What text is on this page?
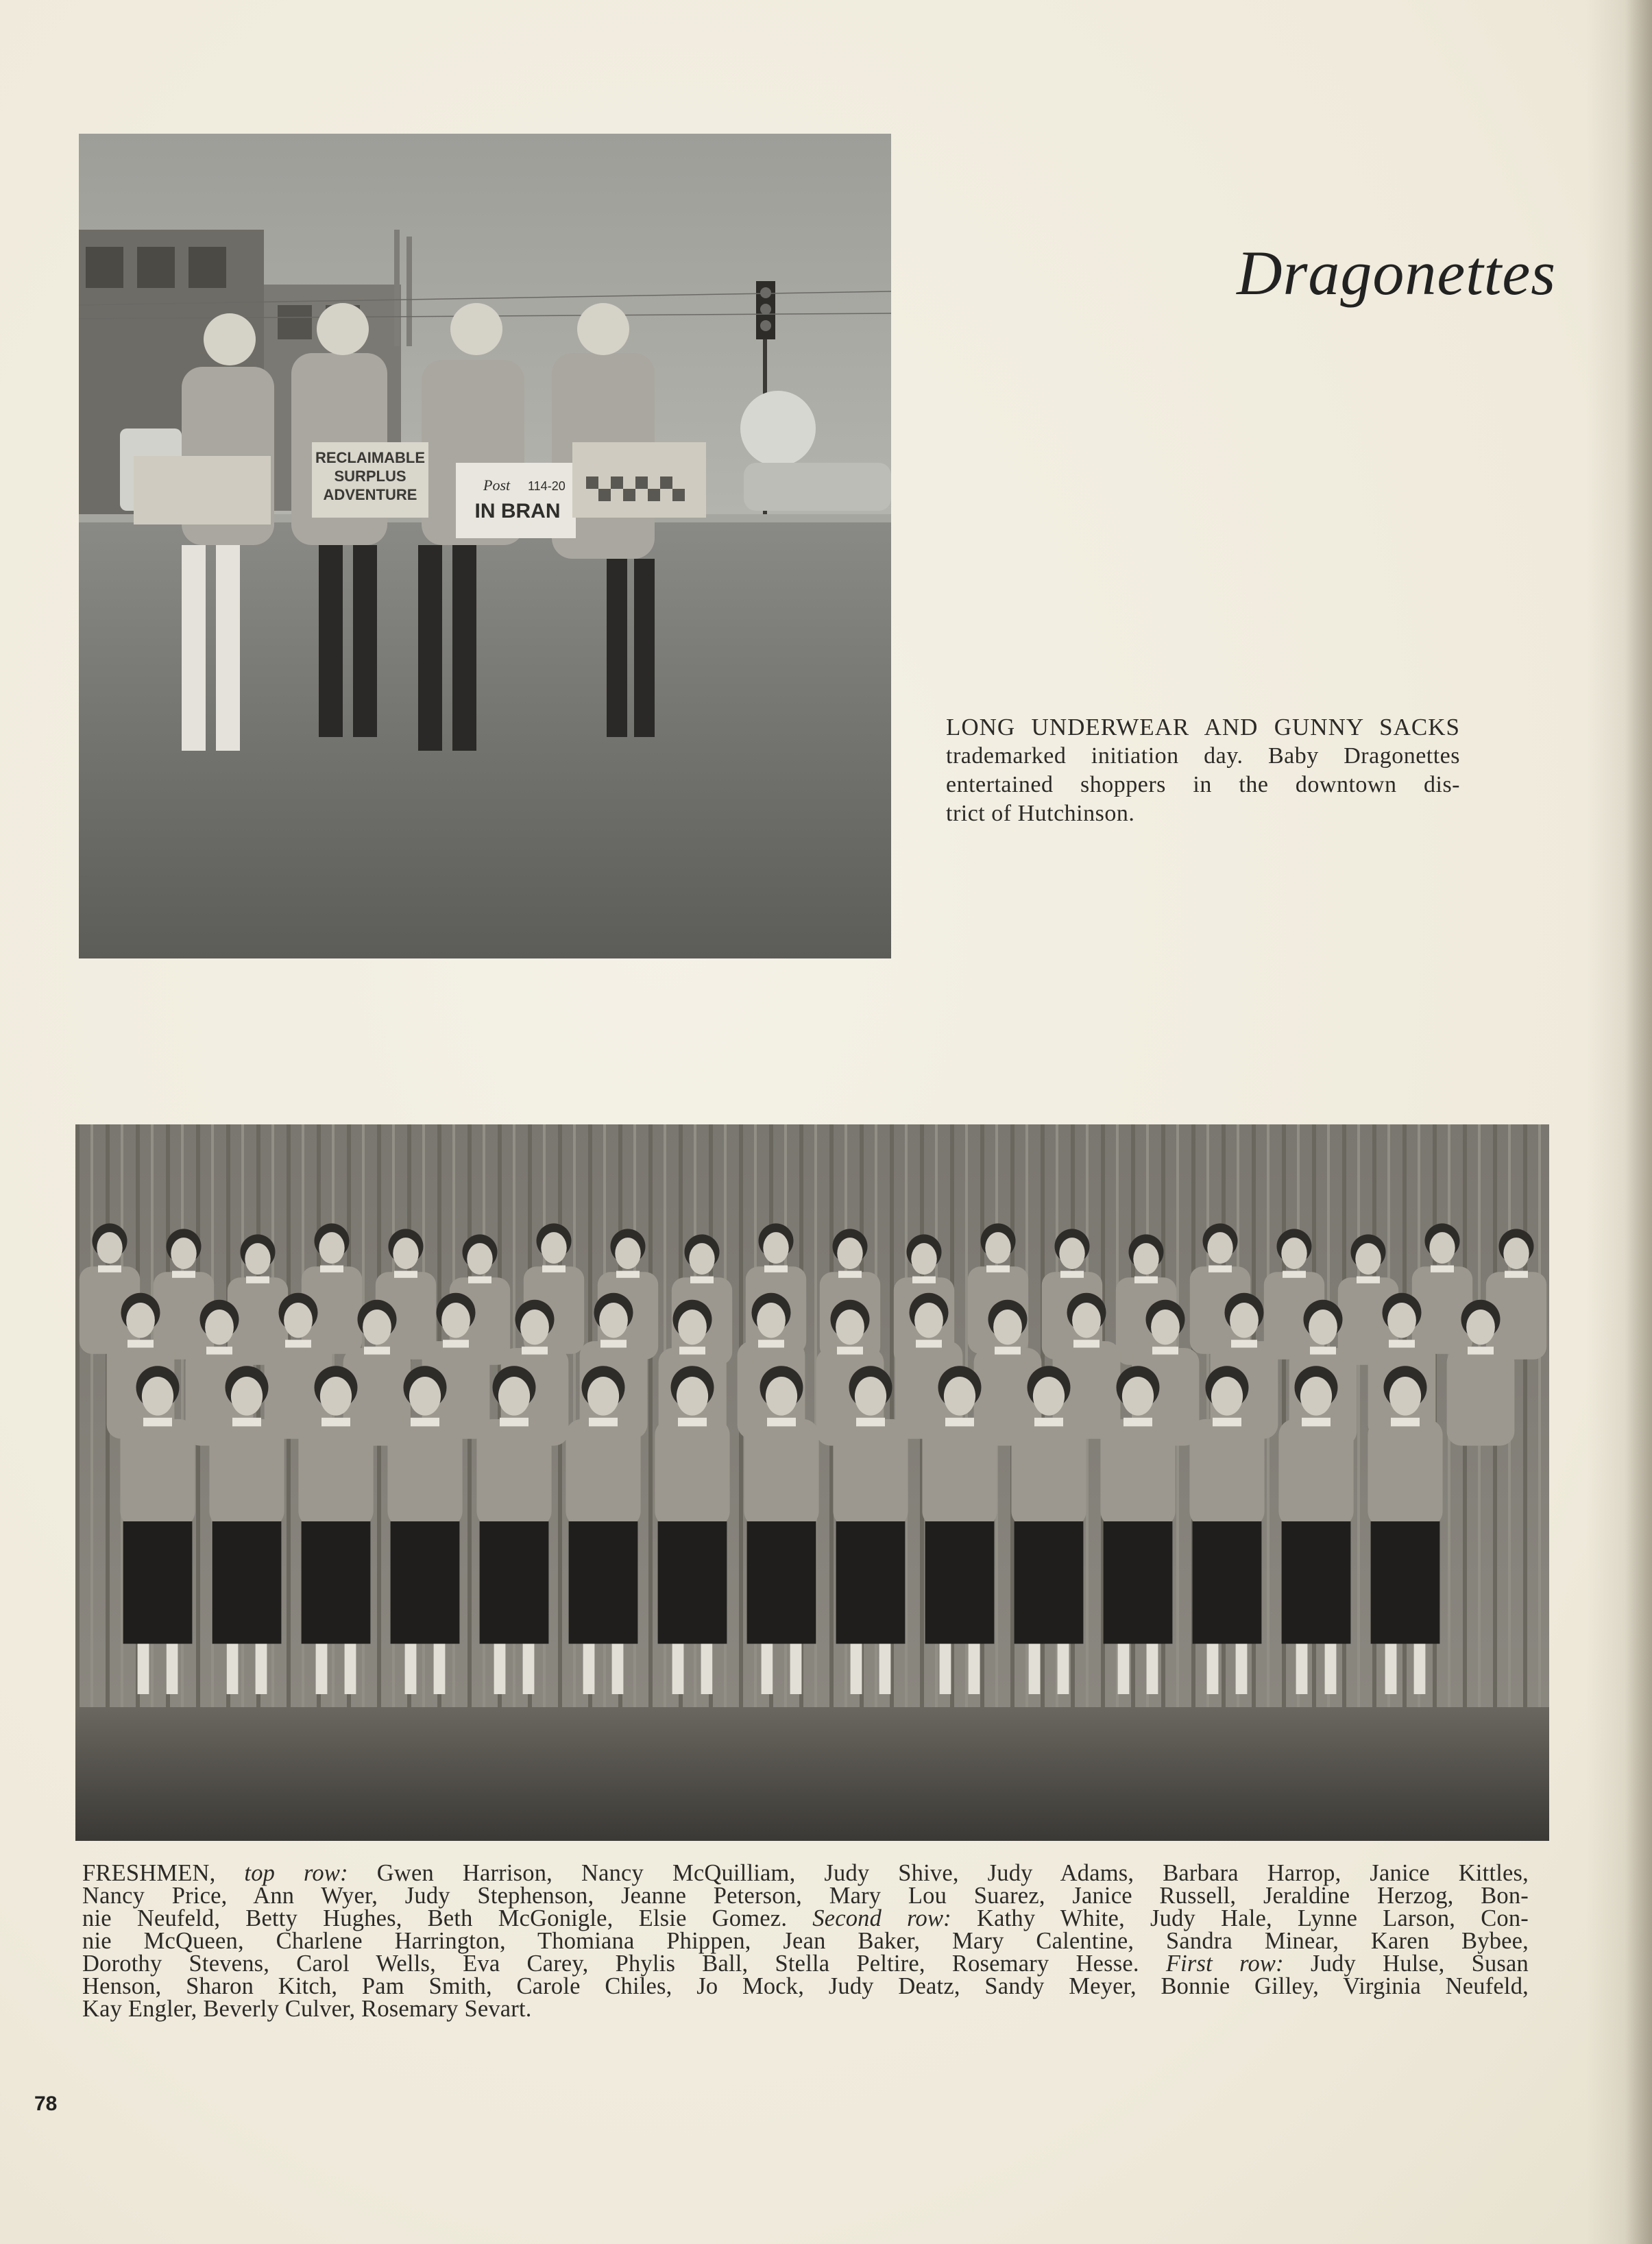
RECLAIMABLE
SURPLUS
ADVENTURE
Post 114-20
IN BRAN
Dragonettes
LONG UNDERWEAR AND GUNNY SACKS
trademarked initiation day. Baby Dragonettes
entertained shoppers in the downtown dis-
trict of Hutchinson.
FRESHMEN, top row: Gwen Harrison, Nancy McQuilliam, Judy Shive, Judy Adams, Barbara Harrop, Janice Kittles,
Nancy Price, Ann Wyer, Judy Stephenson, Jeanne Peterson, Mary Lou Suarez, Janice Russell, Jeraldine Herzog, Bon-
nie Neufeld, Betty Hughes, Beth McGonigle, Elsie Gomez. Second row: Kathy White, Judy Hale, Lynne Larson, Con-
nie McQueen, Charlene Harrington, Thomiana Phippen, Jean Baker, Mary Calentine, Sandra Minear, Karen Bybee,
Dorothy Stevens, Carol Wells, Eva Carey, Phylis Ball, Stella Peltire, Rosemary Hesse. First row: Judy Hulse, Susan
Henson, Sharon Kitch, Pam Smith, Carole Chiles, Jo Mock, Judy Deatz, Sandy Meyer, Bonnie Gilley, Virginia Neufeld,
Kay Engler, Beverly Culver, Rosemary Sevart.
78
